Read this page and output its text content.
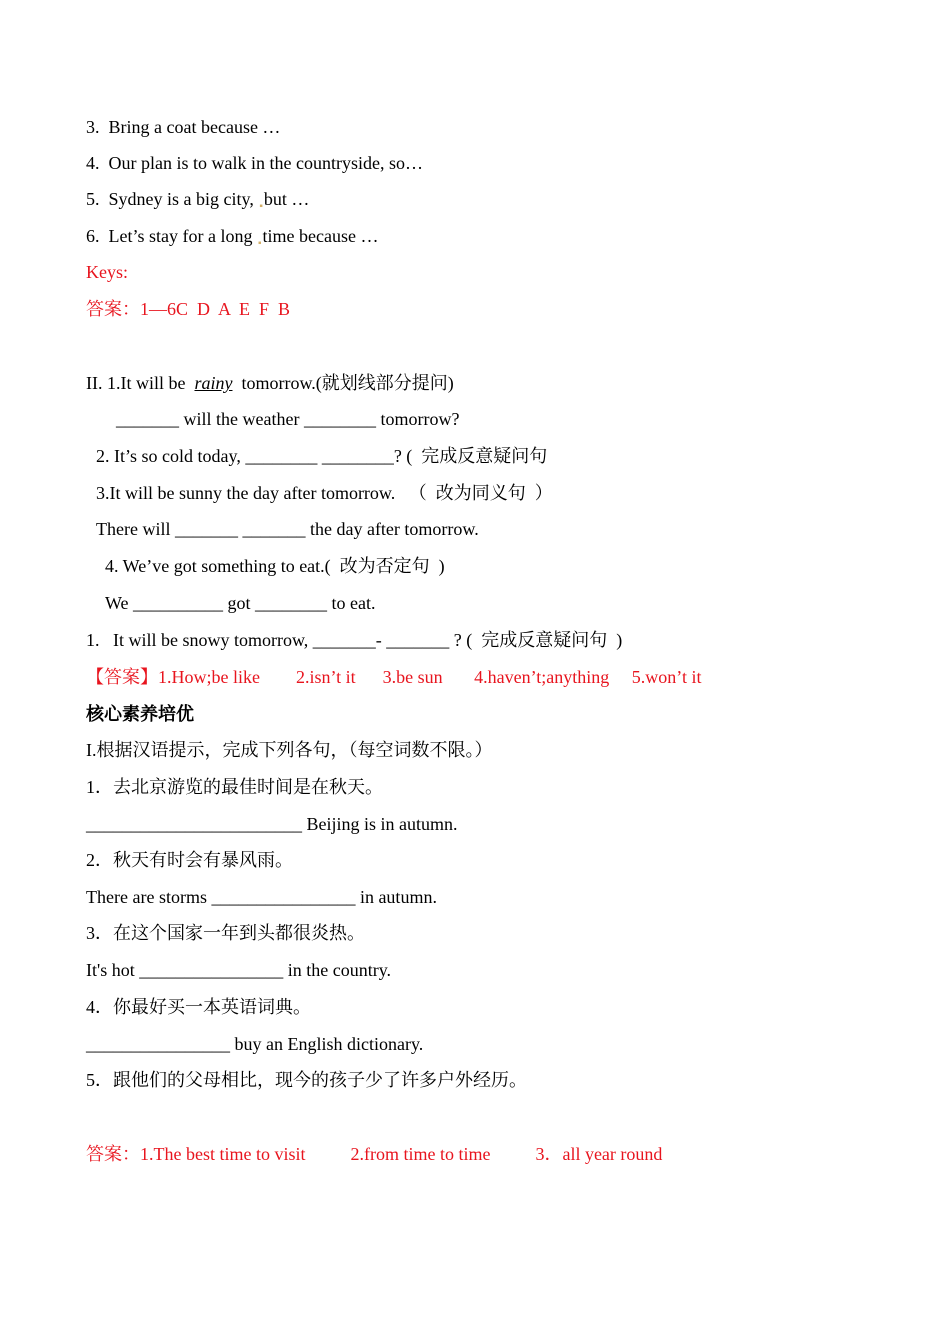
3.  Bring a coat because …
4.  Our plan is to walk in the countryside, so…
5.  Sydney is a big city, $_▪$but …
6.  Let’s stay for a long $_▪$time because …
Keys:
答案：1—6C  D  A  E  F  B
II. 1.It will be  rainy  tomorrow.(就划线部分提问)
_______ will the weather ________ tomorrow?
2. It’s so cold today, ________ ________? (  完成反意疑问句
3.It will be sunny the day after tomorrow.   （  改为同义句  ）
There will _______ _______ the day after tomorrow.
4. We’ve got something to eat.(  改为否定句  )
We __________ got ________ to eat.
1.   It will be snowy tomorrow, _______- _______ ? (  完成反意疑问句  )
【答案】1.How;be like        2.isn’t it      3.be sun       4.haven’t;anything     5.won’t it
核心素养培优
I.根据汉语提示，完成下列各句，（每空词数不限。）
1．去北京游览的最佳时间是在秋天。
________________________ Beijing is in autumn.
2．秋天有时会有暴风雨。
There are storms ________________ in autumn.
3．在这个国家一年到头都很炎热。
It's hot ________________ in the country.
4．你最好买一本英语词典。
________________ buy an English dictionary.
5．跟他们的父母相比，现今的孩子少了许多户外经历。
答案：1.The best time to visit          2.from time to time          3．all year round
